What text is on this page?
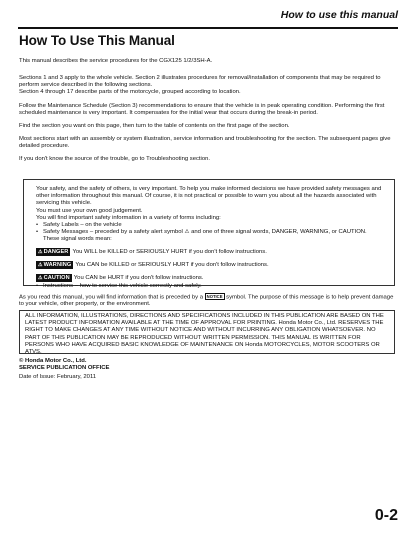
How to use this manual
How To Use This Manual

This manual describes the service procedures for the CGX125 1/2/3SH-A.

Sections 1 and 3 apply to the whole vehicle. Section 2 illustrates procedures for removal/installation of components that may be required to perform service described in the following sections.

Section 4 through 17 describe parts of the motorcycle, grouped according to location.

Follow the Maintenance Schedule (Section 3) recommendations to ensure that the vehicle is in peak operating condition. Performing the first scheduled maintenance is very important. It compensates for the initial wear that occurs during the break-in period.

Find the section you want on this page, then turn to the table of contents on the first page of the section.

Most sections start with an assembly or system illustration, service information and troubleshooting for the section. The subsequent pages give detailed procedure.

If you don't know the source of the trouble, go to Troubleshooting section.

Your safety, and the safety of others, is very important. To help you make informed decisions we have provided safety messages and other information throughout this manual. Of course, it is not practical or possible to warn you about all the hazards associated with servicing this vehicle.

You must use your own good judgement.

You will find important safety information in a variety of forms including:

• Safety Labels – on the vehicle
• Safety Messages – preceded by a safety alert symbol ⚠ and one of three signal words, DANGER, WARNING, or CAUTION.

These signal words mean:

⚠ DANGER You WILL be KILLED or SERIOUSLY HURT if you don't follow instructions.
⚠ WARNING You CAN be KILLED or SERIOUSLY HURT if you don't follow instructions.
⚠ CAUTION You CAN be HURT if you don't follow instructions.
• Instructions – how to service this vehicle correctly and safely.
As you read this manual, you will find information that is preceded by a NOTICE symbol. The purpose of this message is to help prevent damage to your vehicle, other property, or the environment.
ALL INFORMATION, ILLUSTRATIONS, DIRECTIONS AND SPECIFICATIONS INCLUDED IN THIS PUBLICATION ARE BASED ON THE LATEST PRODUCT INFORMATION AVAILABLE AT THE TIME OF APPROVAL FOR PRINTING. Honda Motor Co., Ltd. RESERVES THE RIGHT TO MAKE CHANGES AT ANY TIME WITHOUT NOTICE AND WITHOUT INCURRING ANY OBLIGATION WHATSOEVER. NO PART OF THIS PUBLICATION MAY BE REPRODUCED WITHOUT WRITTEN PERMISSION. THIS MANUAL IS WRITTEN FOR PERSONS WHO HAVE ACQUIRED BASIC KNOWLEDGE OF MAINTENANCE ON Honda MOTORCYCLES, MOTOR SCOOTERS OR ATVS.
© Honda Motor Co., Ltd.
SERVICE PUBLICATION OFFICE
Date of Issue: February, 2011
0-2
